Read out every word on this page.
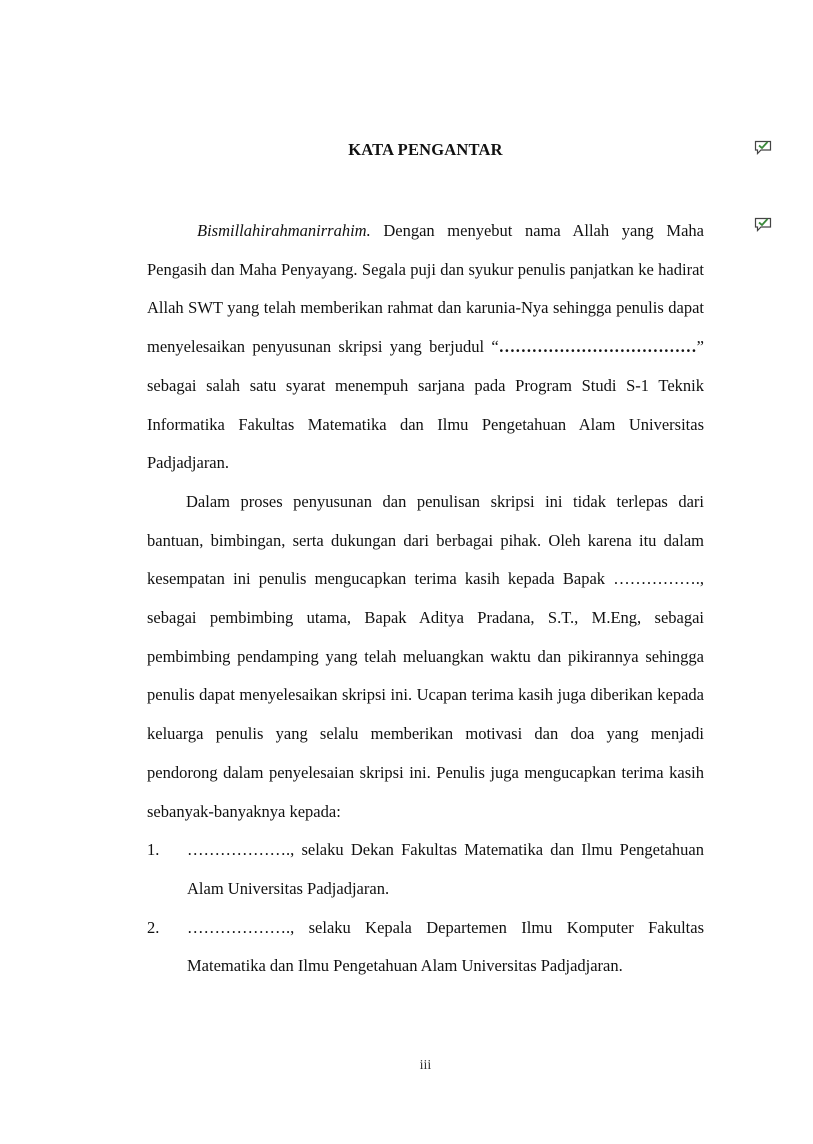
KATA PENGANTAR

Bismillahirahmanirrahim. Dengan menyebut nama Allah yang Maha Pengasih dan Maha Penyayang. Segala puji dan syukur penulis panjatkan ke hadirat Allah SWT yang telah memberikan rahmat dan karunia-Nya sehingga penulis dapat menyelesaikan penyusunan skripsi yang berjudul “………………………………” sebagai salah satu syarat menempuh sarjana pada Program Studi S-1 Teknik Informatika Fakultas Matematika dan Ilmu Pengetahuan Alam Universitas Padjadjaran.

Dalam proses penyusunan dan penulisan skripsi ini tidak terlepas dari bantuan, bimbingan, serta dukungan dari berbagai pihak. Oleh karena itu dalam kesempatan ini penulis mengucapkan terima kasih kepada Bapak ……………., sebagai pembimbing utama, Bapak Aditya Pradana, S.T., M.Eng, sebagai pembimbing pendamping yang telah meluangkan waktu dan pikirannya sehingga penulis dapat menyelesaikan skripsi ini. Ucapan terima kasih juga diberikan kepada keluarga penulis yang selalu memberikan motivasi dan doa yang menjadi pendorong dalam penyelesaian skripsi ini. Penulis juga mengucapkan terima kasih sebanyak-banyaknya kepada:

1. ………………., selaku Dekan Fakultas Matematika dan Ilmu Pengetahuan Alam Universitas Padjadjaran.
2. ………………., selaku Kepala Departemen Ilmu Komputer Fakultas Matematika dan Ilmu Pengetahuan Alam Universitas Padjadjaran.
iii
